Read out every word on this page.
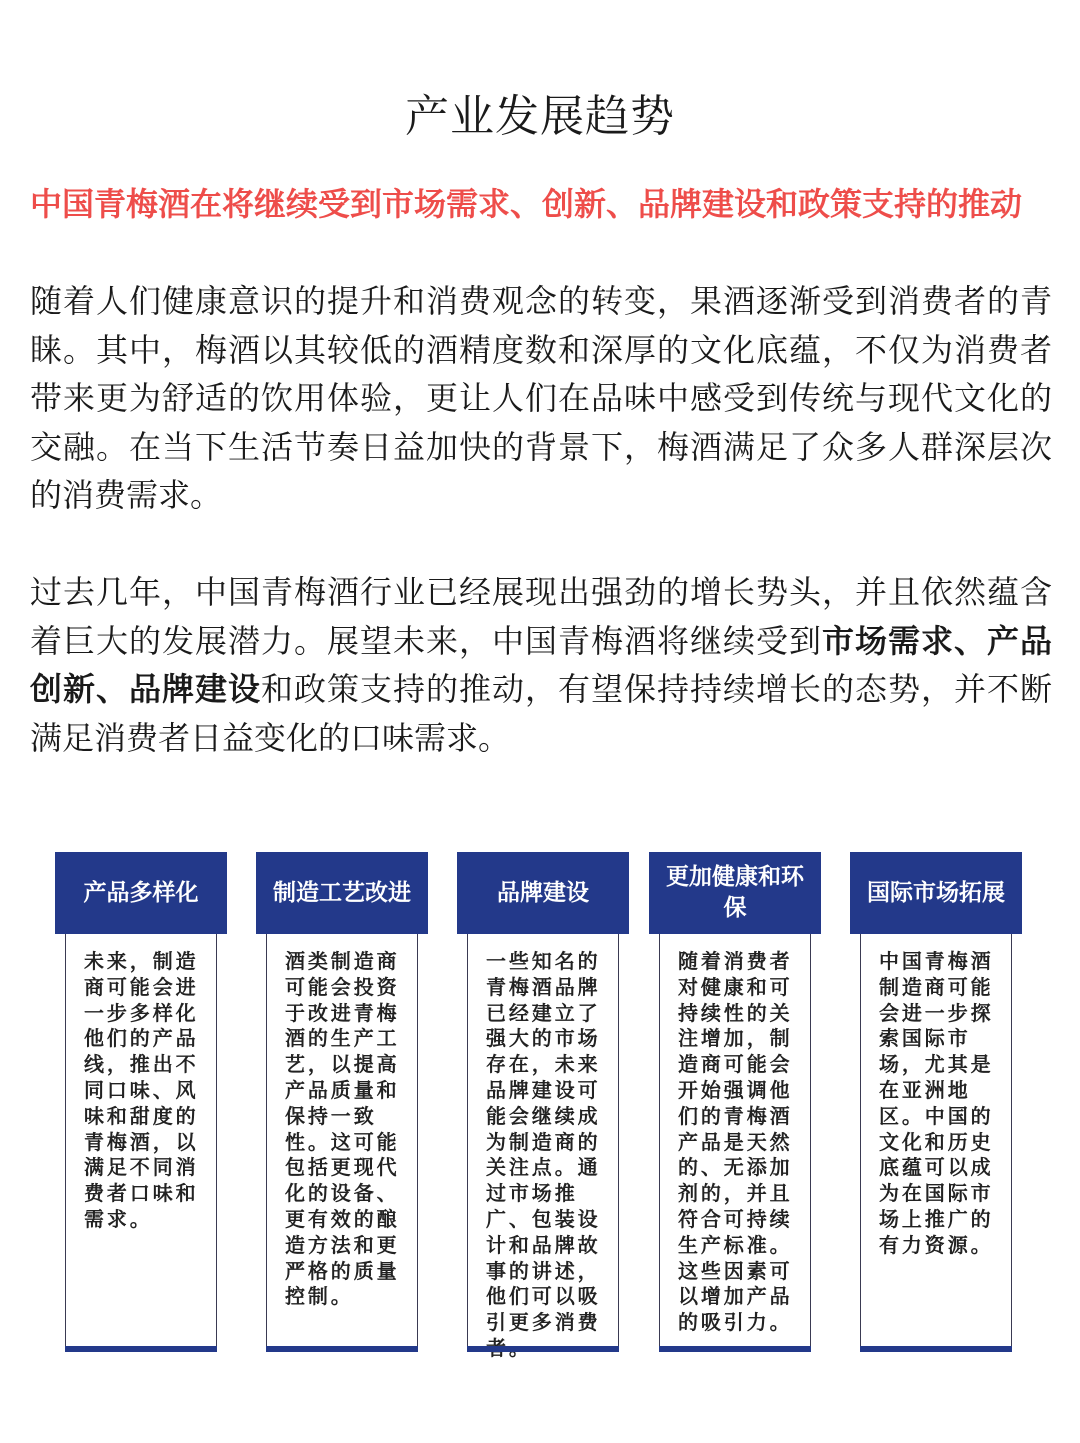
产业发展趋势
中国青梅酒在将继续受到市场需求、创新、品牌建设和政策支持的推动
随着人们健康意识的提升和消费观念的转变，果酒逐渐受到消费者的青睐。其中，梅酒以其较低的酒精度数和深厚的文化底蕴，不仅为消费者带来更为舒适的饮用体验，更让人们在品味中感受到传统与现代文化的交融。在当下生活节奏日益加快的背景下，梅酒满足了众多人群深层次的消费需求。
过去几年，中国青梅酒行业已经展现出强劲的增长势头，并且依然蕴含着巨大的发展潜力。展望未来，中国青梅酒将继续受到市场需求、产品创新、品牌建设和政策支持的推动，有望保持持续增长的态势，并不断满足消费者日益变化的口味需求。
产品多样化
未来，制造商可能会进一步多样化他们的产品线，推出不同口味、风味和甜度的青梅酒，以满足不同消费者口味和需求。
制造工艺改进
酒类制造商可能会投资于改进青梅酒的生产工艺，以提高产品质量和保持一致性。这可能包括更现代化的设备、更有效的酿造方法和更严格的质量控制。
品牌建设
一些知名的青梅酒品牌已经建立了强大的市场存在，未来品牌建设可能会继续成为制造商的关注点。通过市场推广、包装设计和品牌故事的讲述，他们可以吸引更多消费
更加健康和环保
随着消费者对健康和可持续性的关注增加，制造商可能会开始强调他们的青梅酒产品是天然的、无添加剂的，并且符合可持续生产标准。这些因素可以增加产品的吸引力。
国际市场拓展
中国青梅酒制造商可能会进一步探索国际市场，尤其是在亚洲地区。中国的文化和历史底蕴可以成为在国际市场上推广的有力资源。
